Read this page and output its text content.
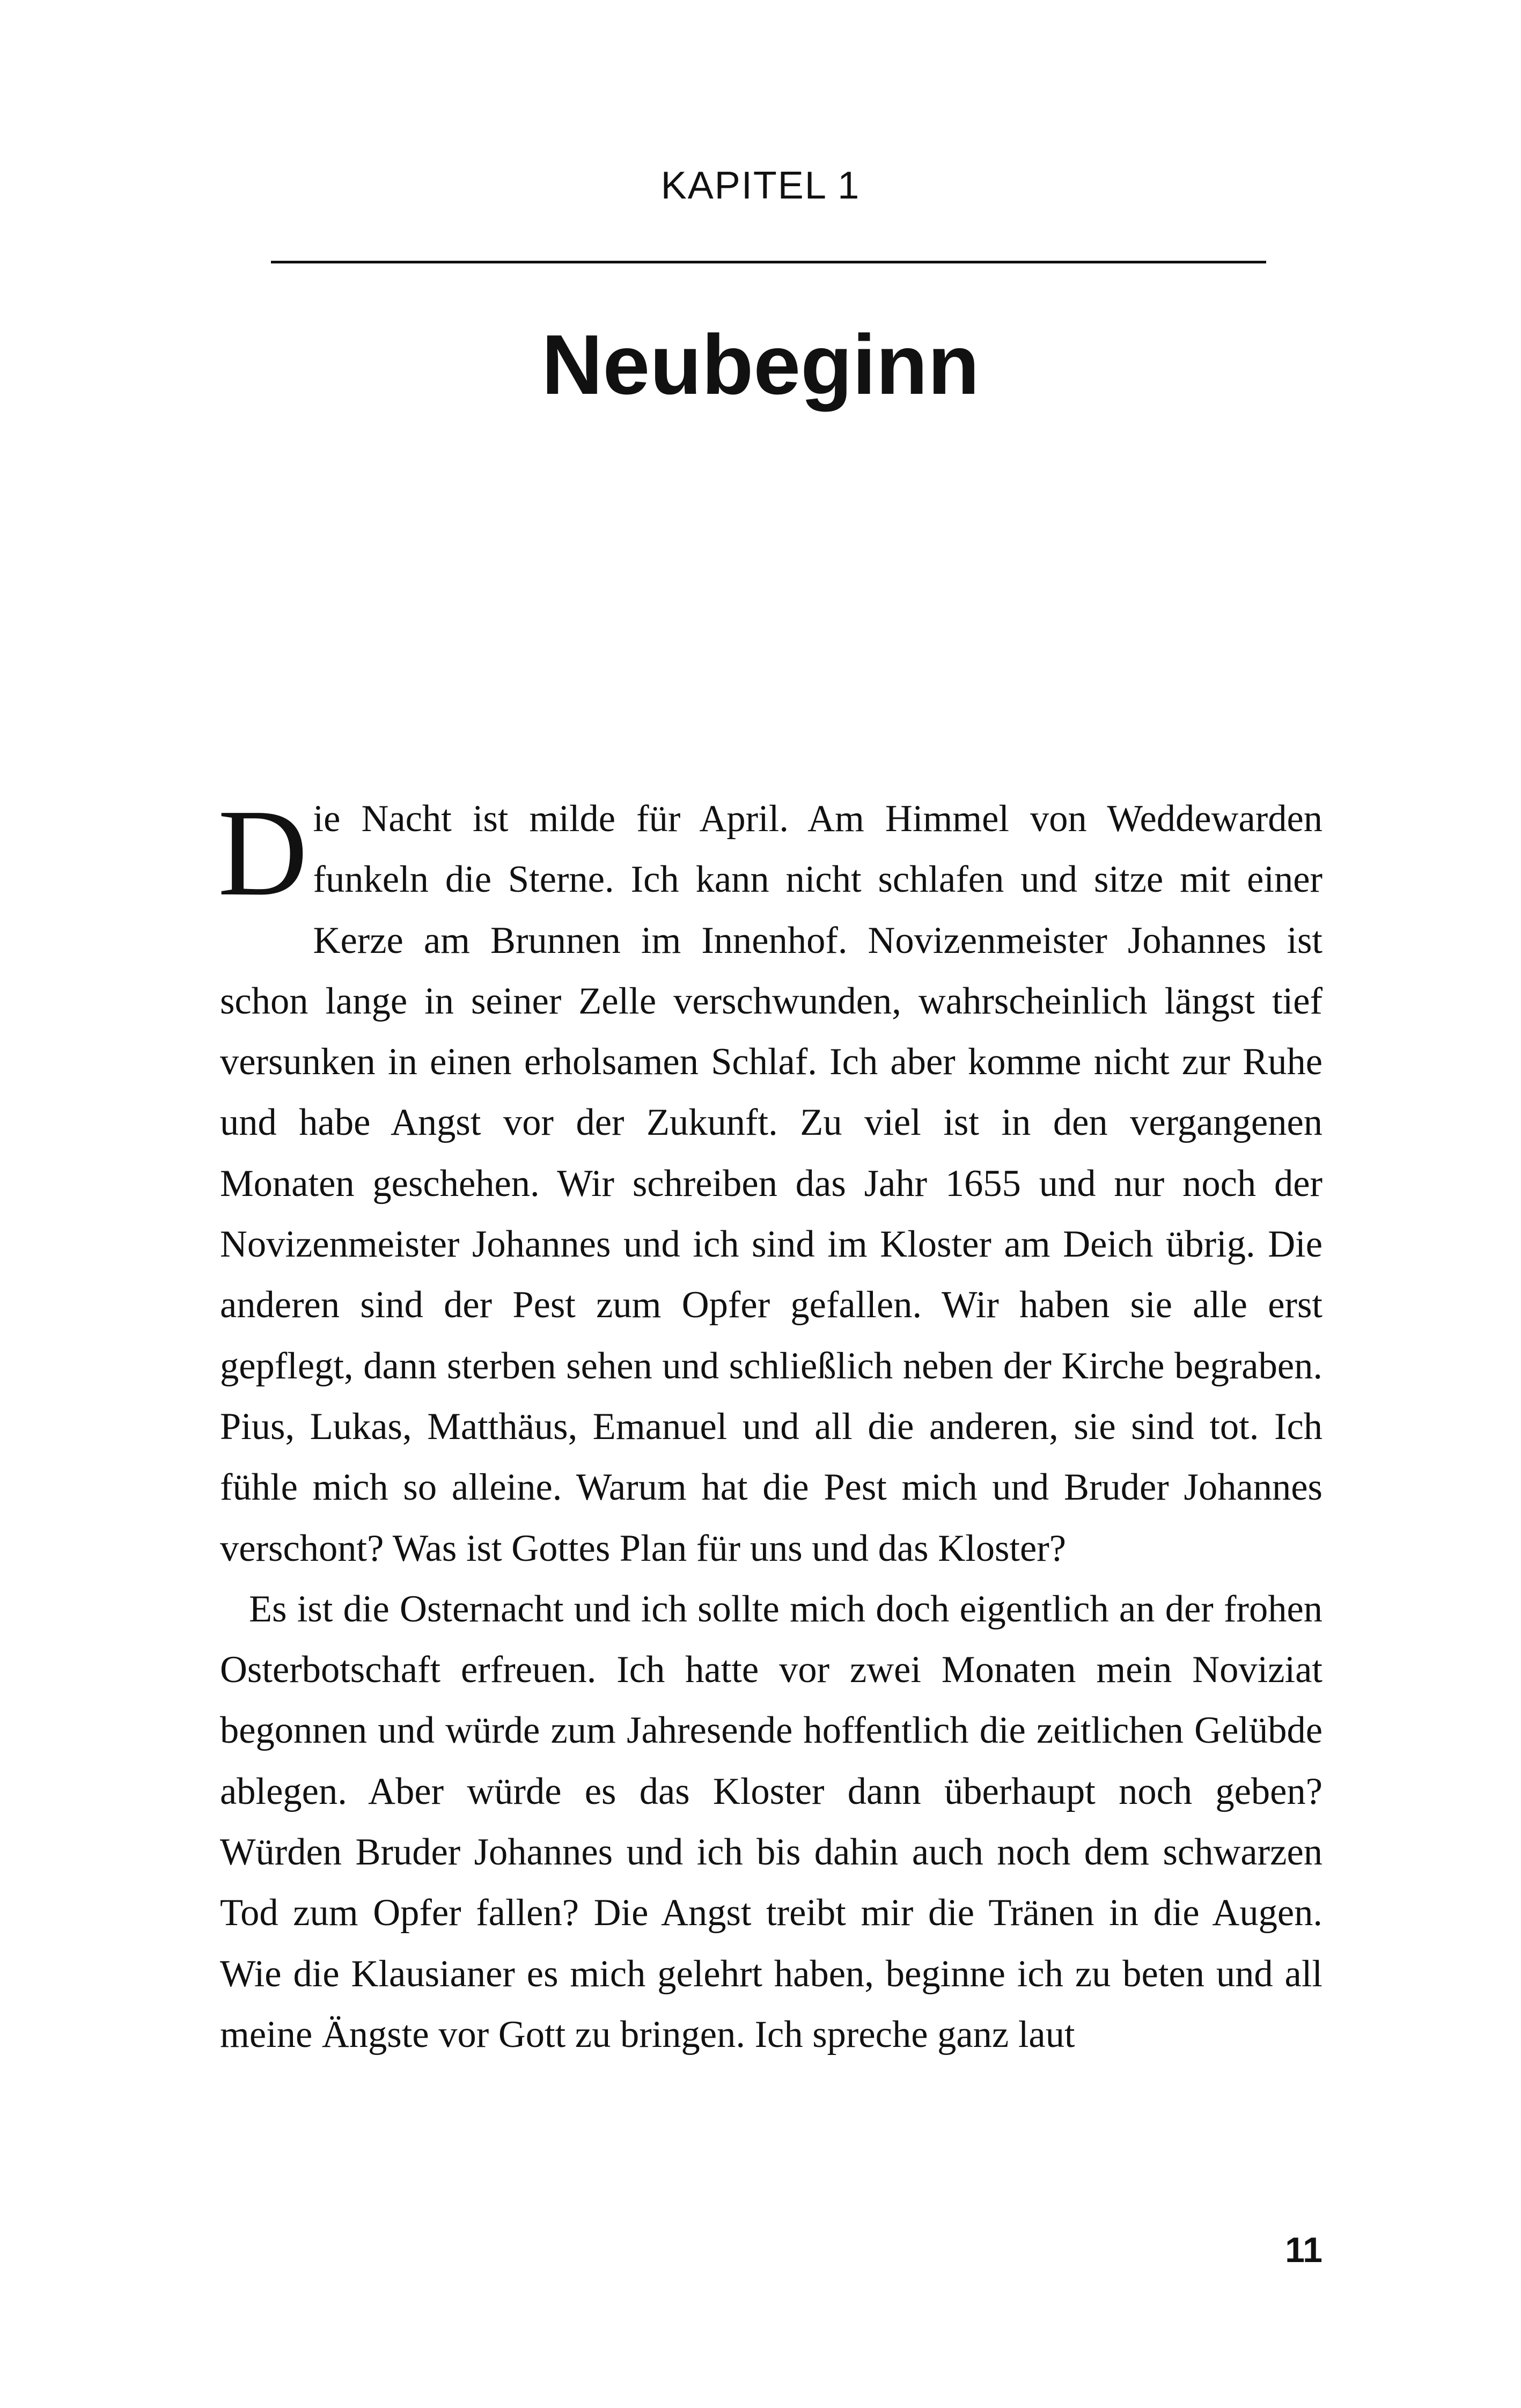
KAPITEL 1
Neubeginn

Die Nacht ist milde für April. Am Himmel von Weddewarden funkeln die Sterne. Ich kann nicht schlafen und sitze mit einer Kerze am Brunnen im Innenhof. Novizenmeister Johannes ist schon lange in seiner Zelle verschwunden, wahrscheinlich längst tief versunken in einen erholsamen Schlaf. Ich aber komme nicht zur Ruhe und habe Angst vor der Zukunft. Zu viel ist in den vergangenen Monaten geschehen. Wir schreiben das Jahr 1655 und nur noch der Novizenmeister Johannes und ich sind im Kloster am Deich übrig. Die anderen sind der Pest zum Opfer gefallen. Wir haben sie alle erst gepflegt, dann sterben sehen und schließlich neben der Kirche begraben. Pius, Lukas, Matthäus, Emanuel und all die anderen, sie sind tot. Ich fühle mich so alleine. Warum hat die Pest mich und Bruder Johannes verschont? Was ist Gottes Plan für uns und das Kloster?

Es ist die Osternacht und ich sollte mich doch eigentlich an der frohen Osterbotschaft erfreuen. Ich hatte vor zwei Monaten mein Noviziat begonnen und würde zum Jahresende hoffentlich die zeitlichen Gelübde ablegen. Aber würde es das Kloster dann überhaupt noch geben? Würden Bruder Johannes und ich bis dahin auch noch dem schwarzen Tod zum Opfer fallen? Die Angst treibt mir die Tränen in die Augen. Wie die Klausianer es mich gelehrt haben, beginne ich zu beten und all meine Ängste vor Gott zu bringen. Ich spreche ganz laut

11
